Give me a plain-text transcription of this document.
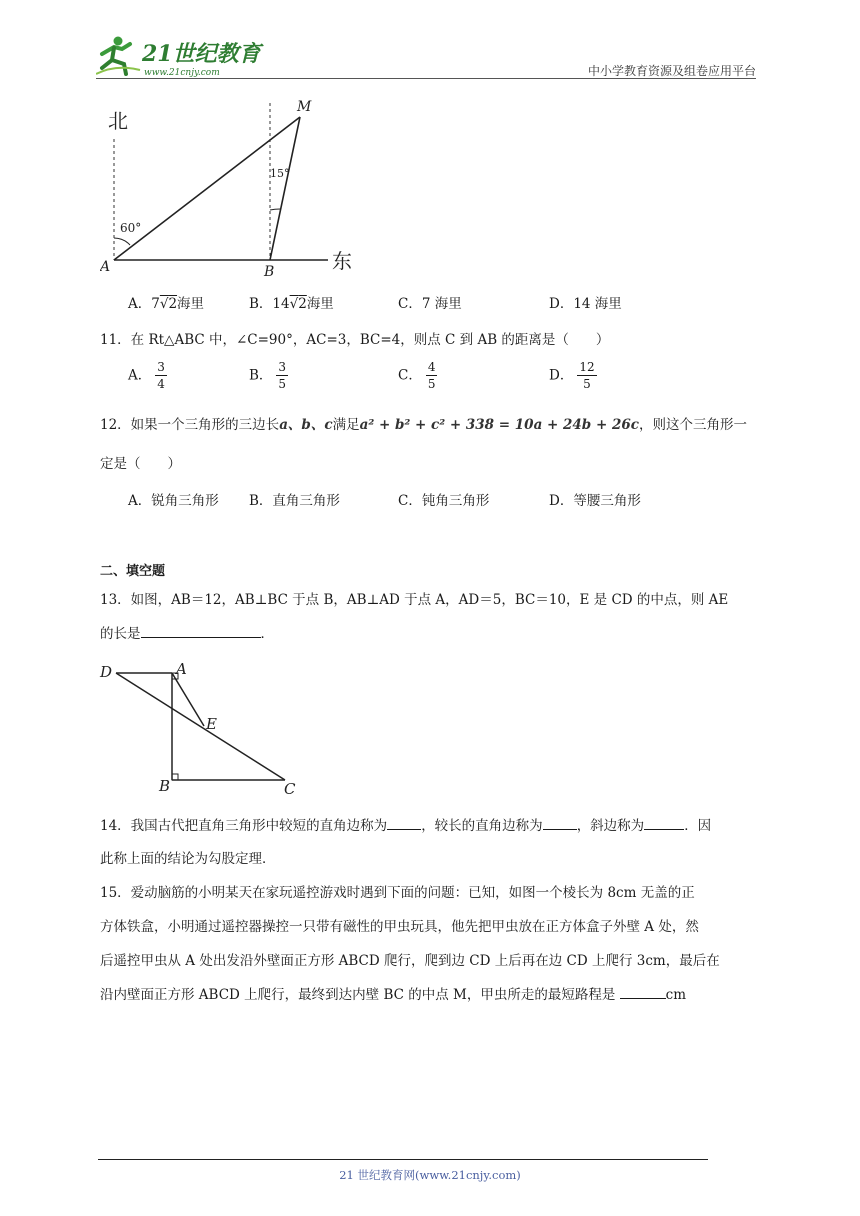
21世纪教育
www.21cnjy.com	中小学教育资源及组卷应用平台
北
东
60°
15°
M
A	B
A．7√2海里	B．14√2海里	C．7 海里	D．14 海里
11．在 Rt△ABC 中，∠C=90°，AC=3，BC=4，则点 C 到 AB 的距离是（　　）
A． $\frac{3}{4}$	B． $\frac{3}{5}$	C． $\frac{4}{5}$	D． $\frac{12}{5}$
12．如果一个三角形的三边长a、b、c满足a² + b² + c² + 338 = 10a + 24b + 26c，则这个三角形一
定是（　　）
A．锐角三角形 B．直角三角形	C．钝角三角形	D．等腰三角形
二、填空题
13．如图，AB＝12，AB⊥BC 于点 B，AB⊥AD 于点 A，AD＝5，BC＝10，E 是 CD 的中点，则 AE
的长是	．
D	A
E
B	C
14．我国古代把直角三角形中较短的直角边称为	，较长的直角边称为	，斜边称为	．因
此称上面的结论为勾股定理．
15．爱动脑筋的小明某天在家玩遥控游戏时遇到下面的问题：已知，如图一个棱长为 8cm 无盖的正
方体铁盒，小明通过遥控器操控一只带有磁性的甲虫玩具，他先把甲虫放在正方体盒子外壁 A 处，然
后遥控甲虫从 A 处出发沿外壁面正方形 ABCD 爬行，爬到边 CD 上后再在边 CD 上爬行 3cm，最后在
沿内壁面正方形 ABCD 上爬行，最终到达内壁 BC 的中点 M，甲虫所走的最短路程是	cm
21 世纪教育网(www.21cnjy.com)
